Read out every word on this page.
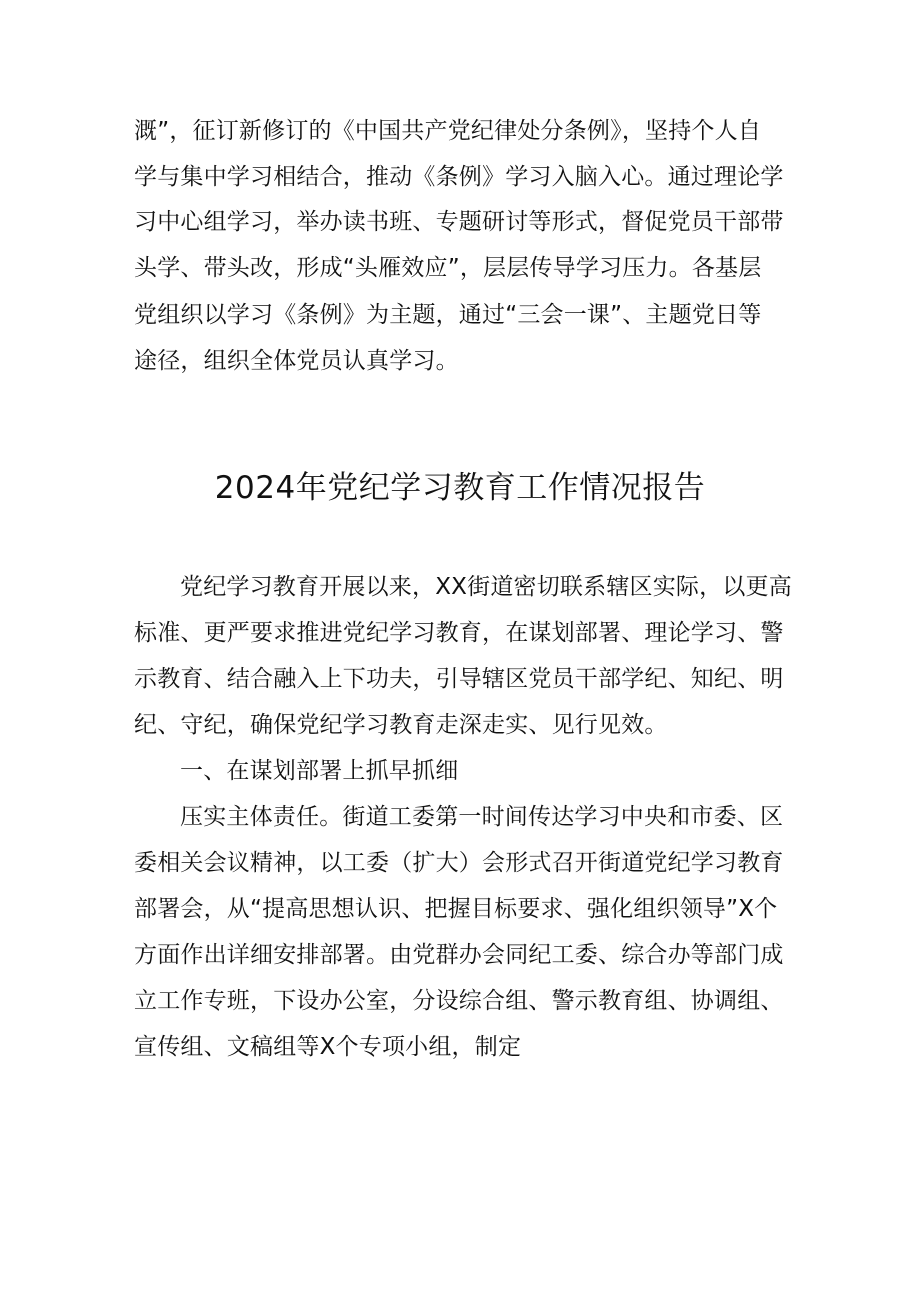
溉”，征订新修订的《中国共产党纪律处分条例》，坚持个人自
学与集中学习相结合，推动《条例》学习入脑入心。通过理论学
习中心组学习，举办读书班、专题研讨等形式，督促党员干部带
头学、带头改，形成“头雁效应”，层层传导学习压力。各基层
党组织以学习《条例》为主题，通过“三会一课”、主题党日等
途径，组织全体党员认真学习。
2024年党纪学习教育工作情况报告
党纪学习教育开展以来，XX街道密切联系辖区实际，以更高
标准、更严要求推进党纪学习教育，在谋划部署、理论学习、警
示教育、结合融入上下功夫，引导辖区党员干部学纪、知纪、明
纪、守纪，确保党纪学习教育走深走实、见行见效。
一、在谋划部署上抓早抓细
压实主体责任。街道工委第一时间传达学习中央和市委、区
委相关会议精神，以工委（扩大）会形式召开街道党纪学习教育
部署会，从“提高思想认识、把握目标要求、强化组织领导”X个
方面作出详细安排部署。由党群办会同纪工委、综合办等部门成
立工作专班，下设办公室，分设综合组、警示教育组、协调组、
宣传组、文稿组等X个专项小组，制定
